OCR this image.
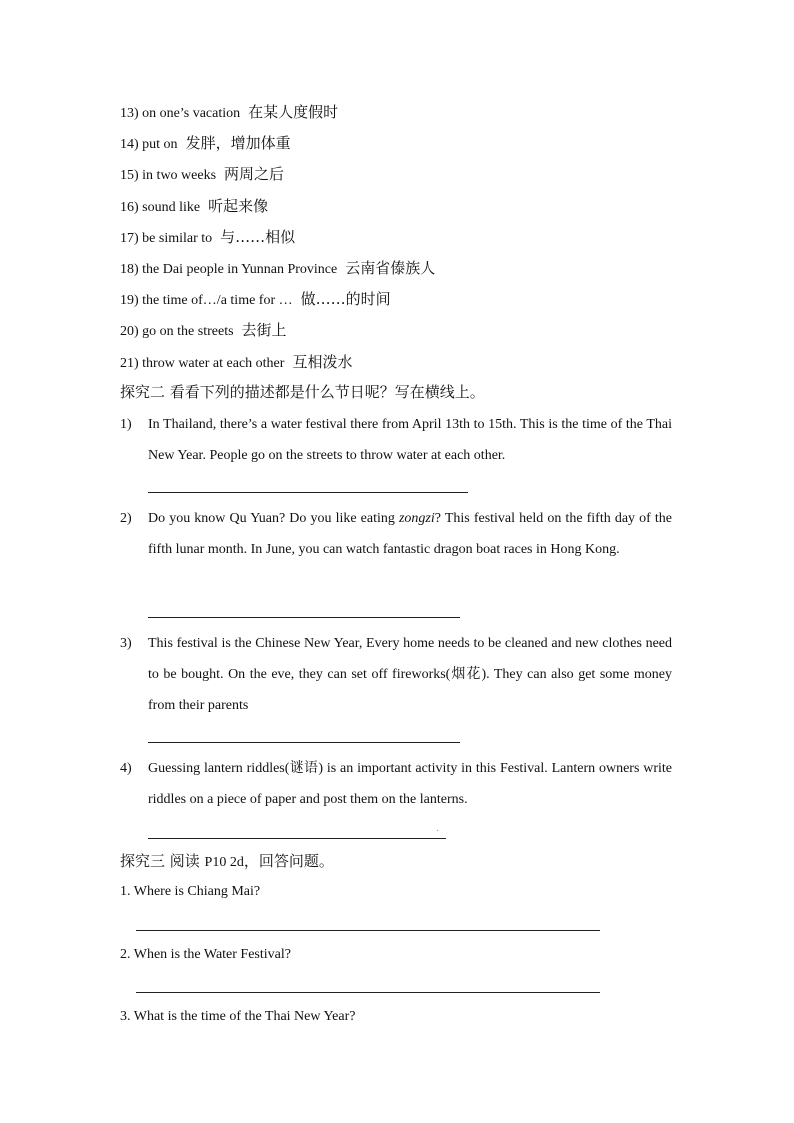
13) on one’s vacation 在某人度假时
14) put on 发胖，增加体重
15) in two weeks 两周之后
16) sound like 听起来像
17) be similar to 与……相似
18) the Dai people in Yunnan Province 云南省傣族人
19) the time of…/a time for … 做……的时间
20) go on the streets 去街上
21) throw water at each other 互相泼水
探究二 看看下列的描述都是什么节日呢？写在横线上。
1) In Thailand, there’s a water festival there from April 13th to 15th. This is the time of the Thai New Year. People go on the streets to throw water at each other.
2) Do you know Qu Yuan? Do you like eating zongzi? This festival held on the fifth day of the fifth lunar month. In June, you can watch fantastic dragon boat races in Hong Kong.
3) This festival is the Chinese New Year, Every home needs to be cleaned and new clothes need to be bought. On the eve, they can set off fireworks(烟花). They can also get some money from their parents
4) Guessing lantern riddles(谜语) is an important activity in this Festival. Lantern owners write riddles on a piece of paper and post them on the lanterns.
·
探究三 阅读 P10 2d，回答问题。
1. Where is Chiang Mai?
2. When is the Water Festival?
3. What is the time of the Thai New Year?
